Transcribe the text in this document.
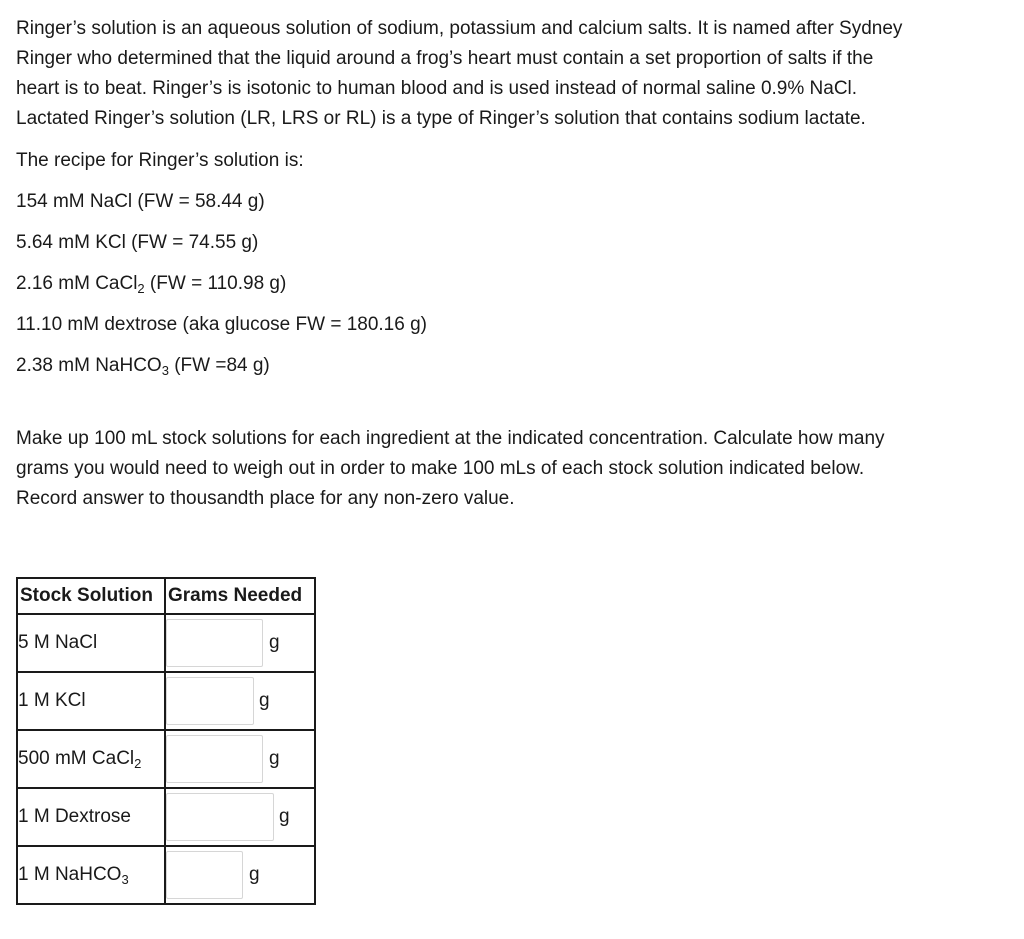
Ringer’s solution is an aqueous solution of sodium, potassium and calcium salts. It is named after Sydney
Ringer who determined that the liquid around a frog’s heart must contain a set proportion of salts if the
heart is to beat. Ringer’s is isotonic to human blood and is used instead of normal saline 0.9% NaCl.
Lactated Ringer’s solution (LR, LRS or RL) is a type of Ringer’s solution that contains sodium lactate.
The recipe for Ringer’s solution is:
154 mM NaCl (FW = 58.44 g)
5.64 mM KCl (FW = 74.55 g)
2.16 mM CaCl$_2$ (FW = 110.98 g)
11.10 mM dextrose (aka glucose FW = 180.16 g)
2.38 mM NaHCO$_3$ (FW =84 g)
Make up 100 mL stock solutions for each ingredient at the indicated concentration. Calculate how many
grams you would need to weigh out in order to make 100 mLs of each stock solution indicated below.
Record answer to thousandth place for any non-zero value.
Stock Solution	Grams Needed
5 M NaCl	g

1 M KCl	g

500 mM CaCl$_2$	g

1 M Dextrose	g

1 M NaHCO$_3$	g
